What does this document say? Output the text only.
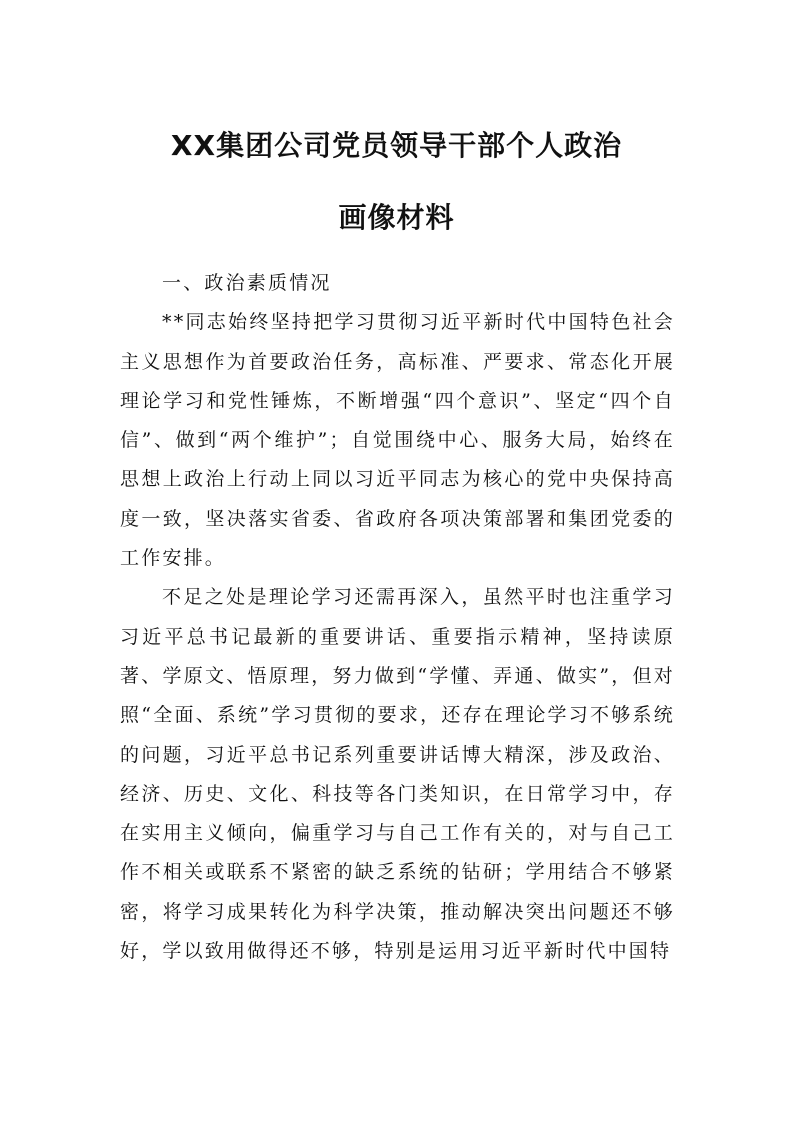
XX集团公司党员领导干部个人政治
画像材料

一、政治素质情况

**同志始终坚持把学习贯彻习近平新时代中国特色社会主义思想作为首要政治任务，高标准、严要求、常态化开展理论学习和党性锤炼，不断增强“四个意识”、坚定“四个自信”、做到“两个维护”；自觉围绕中心、服务大局，始终在思想上政治上行动上同以习近平同志为核心的党中央保持高度一致，坚决落实省委、省政府各项决策部署和集团党委的工作安排。

不足之处是理论学习还需再深入，虽然平时也注重学习习近平总书记最新的重要讲话、重要指示精神，坚持读原著、学原文、悟原理，努力做到“学懂、弄通、做实”，但对照“全面、系统”学习贯彻的要求，还存在理论学习不够系统的问题，习近平总书记系列重要讲话博大精深，涉及政治、经济、历史、文化、科技等各门类知识，在日常学习中，存在实用主义倾向，偏重学习与自己工作有关的，对与自己工作不相关或联系不紧密的缺乏系统的钻研；学用结合不够紧密，将学习成果转化为科学决策，推动解决突出问题还不够好，学以致用做得还不够，特别是运用习近平新时代中国特
